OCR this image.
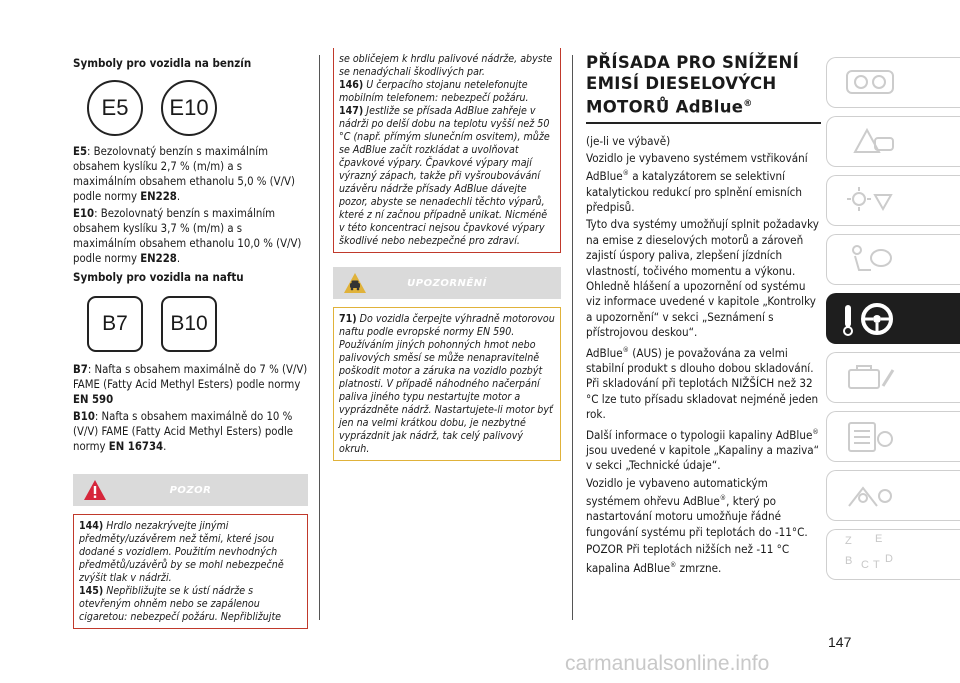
Symboly pro vozidla na benzín

E5	E10

E5: Bezolovnatý benzín s maximálním obsahem kyslíku 2,7 % (m/m) a s maximálním obsahem ethanolu 5,0 % (V/V) podle normy EN228.

E10: Bezolovnatý benzín s maximálním obsahem kyslíku 3,7 % (m/m) a s maximálním obsahem ethanolu 10,0 % (V/V) podle normy EN228.

Symboly pro vozidla na naftu

B7	B10

B7: Nafta s obsahem maximálně do 7 % (V/V) FAME (Fatty Acid Methyl Esters) podle normy EN 590

B10: Nafta s obsahem maximálně do 10 % (V/V) FAME (Fatty Acid Methyl Esters) podle normy EN 16734.

POZOR
144) Hrdlo nezakrývejte jinými předměty/uzávěrem než těmi, které jsou dodané s vozidlem. Použitím nevhodných předmětů/uzávěrů by se mohl nebezpečně zvýšit tlak v nádrži.
145) Nepřibližujte se k ústí nádrže s otevřeným ohněm nebo se zapálenou cigaretou: nebezpečí požáru. Nepřibližujte
se obličejem k hrdlu palivové nádrže, abyste se nenadýchali škodlivých par.
146) U čerpacího stojanu netelefonujte mobilním telefonem: nebezpečí požáru.
147) Jestliže se přísada AdBlue zahřeje v nádrži po delší dobu na teplotu vyšší než 50 °C (např. přímým slunečním osvitem), může se AdBlue začít rozkládat a uvolňovat čpavkové výpary. Čpavkové výpary mají výrazný zápach, takže při vyšroubovávání uzávěru nádrže přísady AdBlue dávejte pozor, abyste se nenadechli těchto výparů, které z ní začnou případně unikat. Nicméně v této koncentraci nejsou čpavkové výpary škodlivé nebo nebezpečné pro zdraví.
UPOZORNĚNÍ
71) Do vozidla čerpejte výhradně motorovou naftu podle evropské normy EN 590. Používáním jiných pohonných hmot nebo palivových směsí se může nenapravitelně poškodit motor a záruka na vozidlo pozbýt platnosti. V případě náhodného načerpání paliva jiného typu nestartujte motor a vyprázdněte nádrž. Nastartujete-li motor byť jen na velmi krátkou dobu, je nezbytné vyprázdnit jak nádrž, tak celý palivový okruh.

PŘÍSADA PRO SNÍŽENÍ
EMISÍ DIESELOVÝCH
MOTORŮ AdBlue®

(je-li ve výbavě)

Vozidlo je vybaveno systémem vstřikování AdBlue® a katalyzátorem se selektivní katalytickou redukcí pro splnění emisních předpisů.

Tyto dva systémy umožňují splnit požadavky na emise z dieselových motorů a zároveň zajistí úspory paliva, zlepšení jízdních vlastností, točivého momentu a výkonu. Ohledně hlášení a upozornění od systému viz informace uvedené v kapitole „Kontrolky a upozornění“ v sekci „Seznámení s přístrojovou deskou“.

AdBlue® (AUS) je považována za velmi stabilní produkt s dlouho dobou skladování. Při skladování při teplotách NIŽŠÍCH než 32 °C lze tuto přísadu skladovat nejméně jeden rok.

Další informace o typologii kapaliny AdBlue® jsou uvedené v kapitole „Kapaliny a maziva“ v sekci „Technické údaje“.

Vozidlo je vybaveno automatickým systémem ohřevu AdBlue®, který po nastartování motoru umožňuje řádné fungování systému při teplotách do -11°C.

POZOR Při teplotách nižších než -11 °C kapalina AdBlue® zmrzne.

Z E
B C T D
147
carmanualsonline.info
